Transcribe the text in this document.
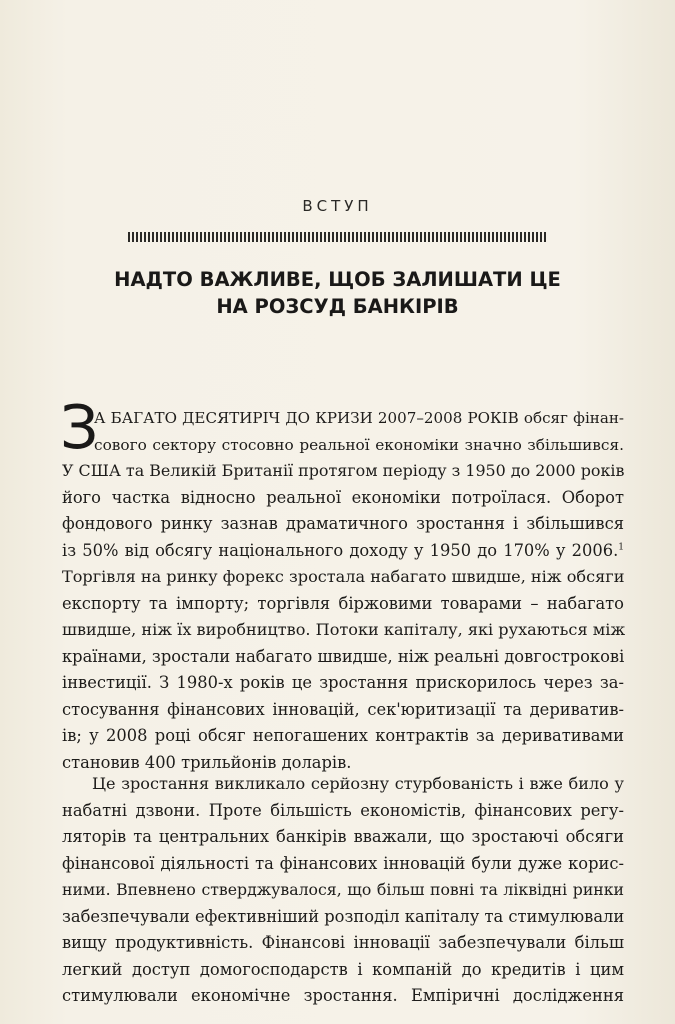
ВСТУП
НАДТО ВАЖЛИВЕ, ЩОБ ЗАЛИШАТИ ЦЕ
НА РОЗСУД БАНКІРІВ
З
А БАГАТО ДЕСЯТИРІЧ ДО КРИЗИ 2007–2008 РОКІВ обсяг фінан-
сового сектору стосовно реальної економіки значно збільшився.
У США та Великій Британії протягом періоду з 1950 до 2000 років
його частка відносно реальної економіки потроїлася. Оборот
фондового ринку зазнав драматичного зростання і збільшився
із 50% від обсягу національного доходу у 1950 до 170% у 2006.$^1$
Торгівля на ринку форекс зростала набагато швидше, ніж обсяги
експорту та імпорту; торгівля біржовими товарами – набагато
швидше, ніж їх виробництво. Потоки капіталу, які рухаються між
країнами, зростали набагато швидше, ніж реальні довгострокові
інвестиції. З 1980-х років це зростання прискорилось через за-
стосування фінансових інновацій, сек'юритизації та дериватив-
ів; у 2008 році обсяг непогашених контрактів за деривативами
становив 400 трильйонів доларів.
Це зростання викликало серйозну стурбованість і вже било у
набатні дзвони. Проте більшість економістів, фінансових регу-
ляторів та центральних банкірів вважали, що зростаючі обсяги
фінансової діяльності та фінансових інновацій були дуже корис-
ними. Впевнено стверджувалося, що більш повні та ліквідні ринки
забезпечували ефективніший розподіл капіталу та стимулювали
вищу продуктивність. Фінансові інновації забезпечували більш
легкий доступ домогосподарств і компаній до кредитів і цим
стимулювали економічне зростання. Емпіричні дослідження
